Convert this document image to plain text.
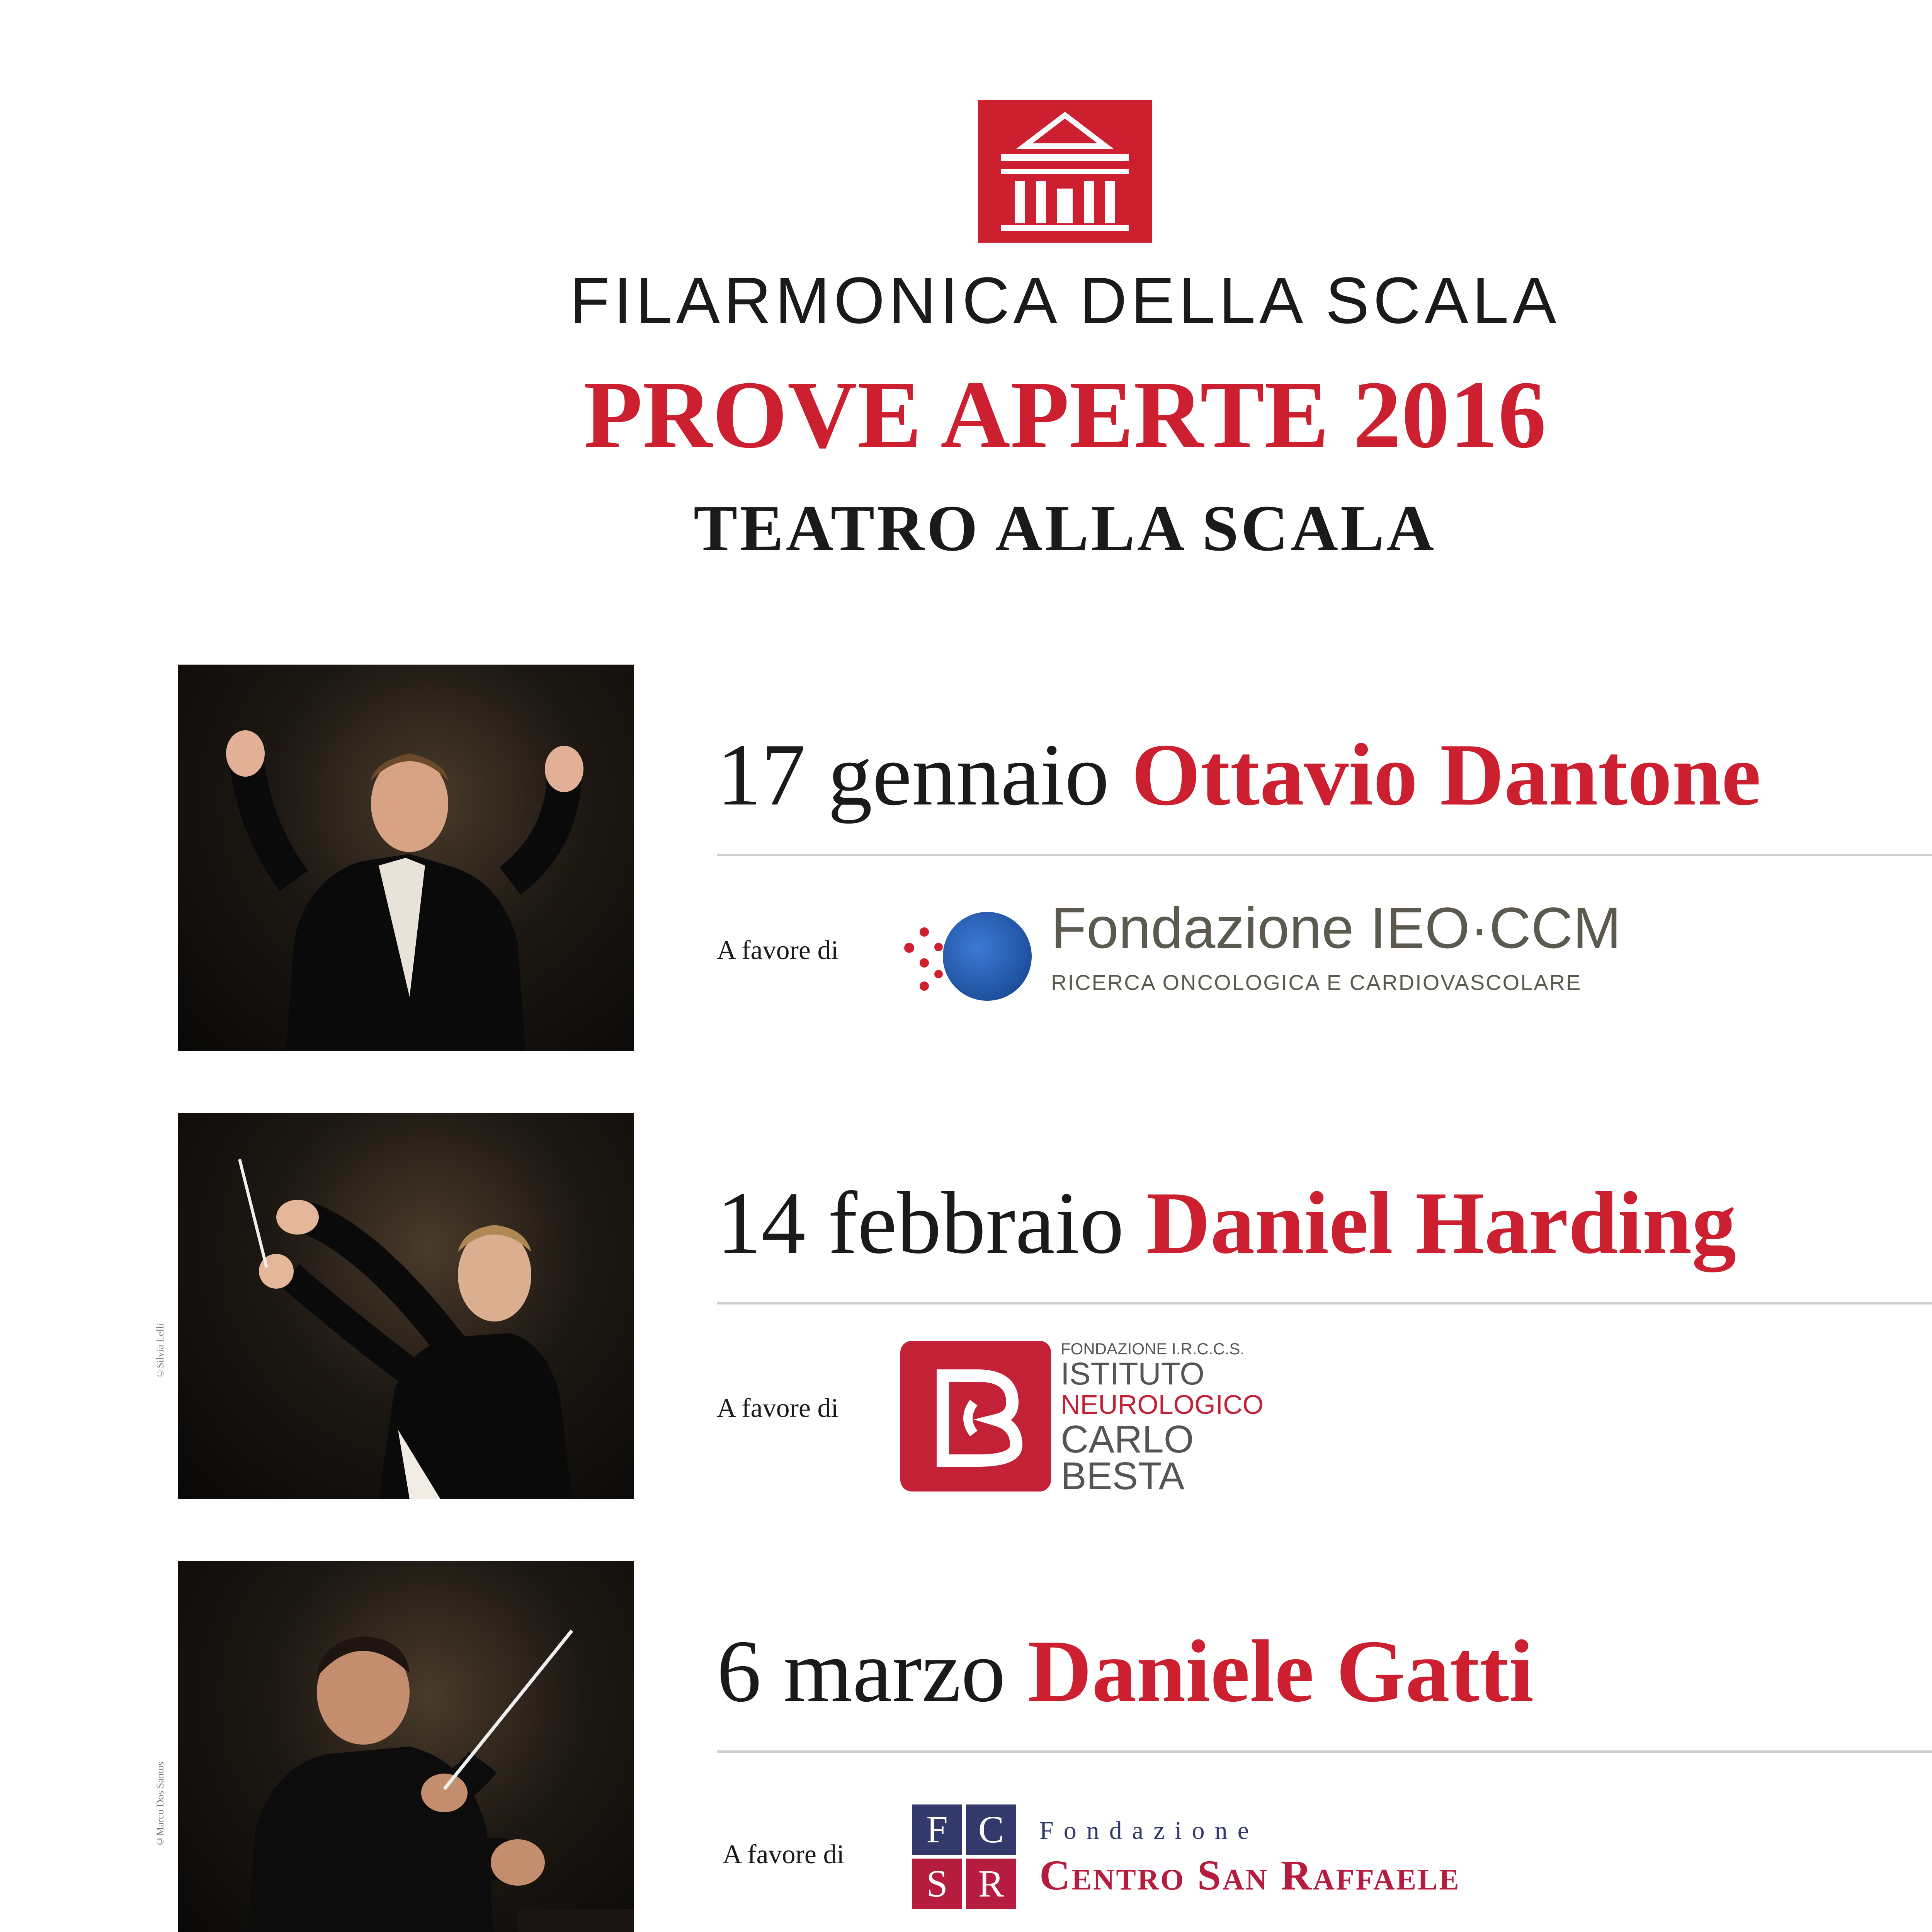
FILARMONICA DELLA SCALA
PROVE APERTE 2016
TEATRO ALLA SCALA
17 gennaio Ottavio Dantone
A favore di	Fondazione IEO·CCM
RICERCA ONCOLOGICA E CARDIOVASCOLARE
©Silvia Lelli
14 febbraio Daniel Harding
A favore di
FONDAZIONE I.R.C.C.S.
ISTITUTO
NEUROLOGICO
CARLO
BESTA
©Marco Dos Santos
6 marzo Daniele Gatti
A favore di
F C
S R
Fondazione
Centro San Raffaele
